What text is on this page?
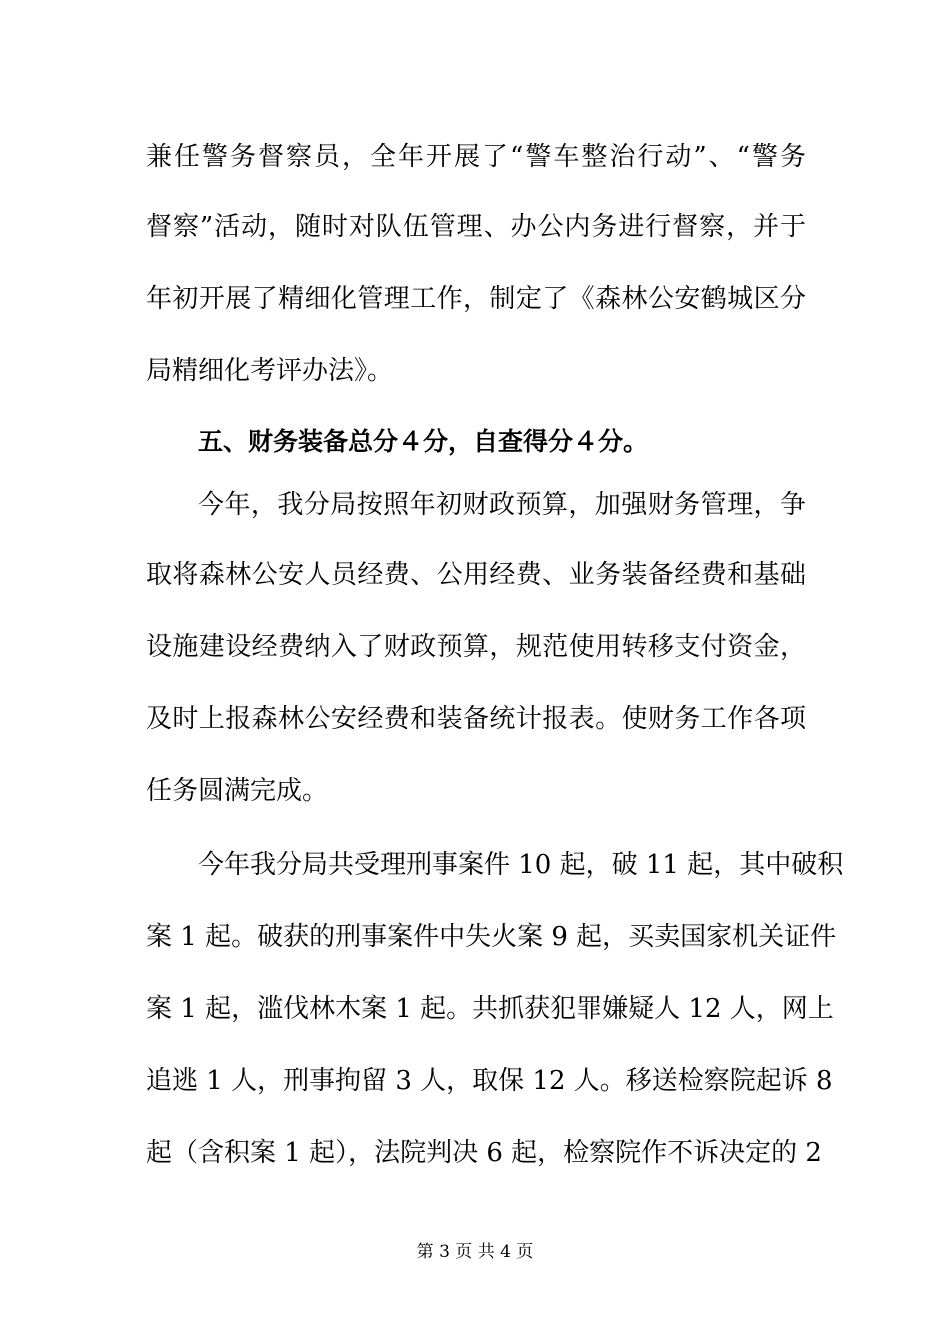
兼任警务督察员，全年开展了“警车整治行动”、“警务
督察”活动，随时对队伍管理、办公内务进行督察，并于
年初开展了精细化管理工作，制定了《森林公安鹤城区分
局精细化考评办法》。
五、财务装备总分４分，自查得分４分。
今年，我分局按照年初财政预算，加强财务管理，争
取将森林公安人员经费、公用经费、业务装备经费和基础
设施建设经费纳入了财政预算，规范使用转移支付资金，
及时上报森林公安经费和装备统计报表。使财务工作各项
任务圆满完成。
今年我分局共受理刑事案件 10 起，破 11 起，其中破积
案 1 起。破获的刑事案件中失火案 9 起，买卖国家机关证件
案 1 起，滥伐林木案 1 起。共抓获犯罪嫌疑人 12 人，网上
追逃 1 人，刑事拘留 3 人，取保 12 人。移送检察院起诉 8
起（含积案 1 起），法院判决 6 起，检察院作不诉决定的 2
第 3 页 共 4 页
